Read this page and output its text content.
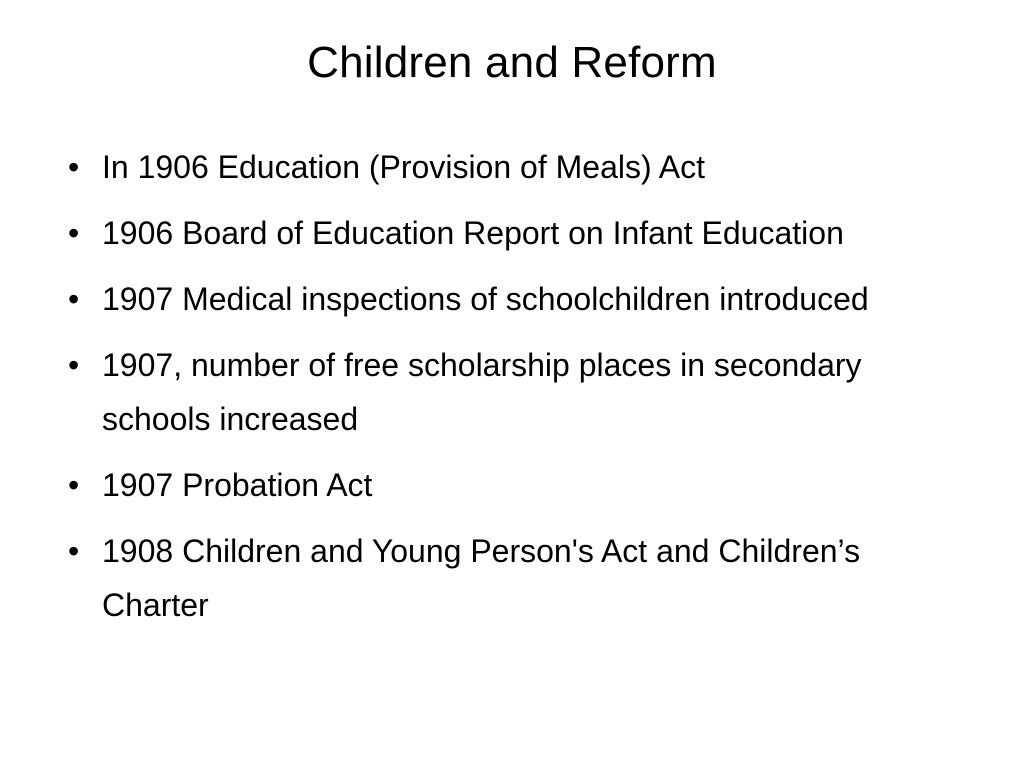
Children and Reform
• In 1906 Education (Provision of Meals) Act
• 1906 Board of Education Report on Infant Education
• 1907 Medical inspections of schoolchildren introduced
• 1907, number of free scholarship places in secondary schools increased
• 1907 Probation Act
• 1908 Children and Young Person's Act and Children’s Charter
